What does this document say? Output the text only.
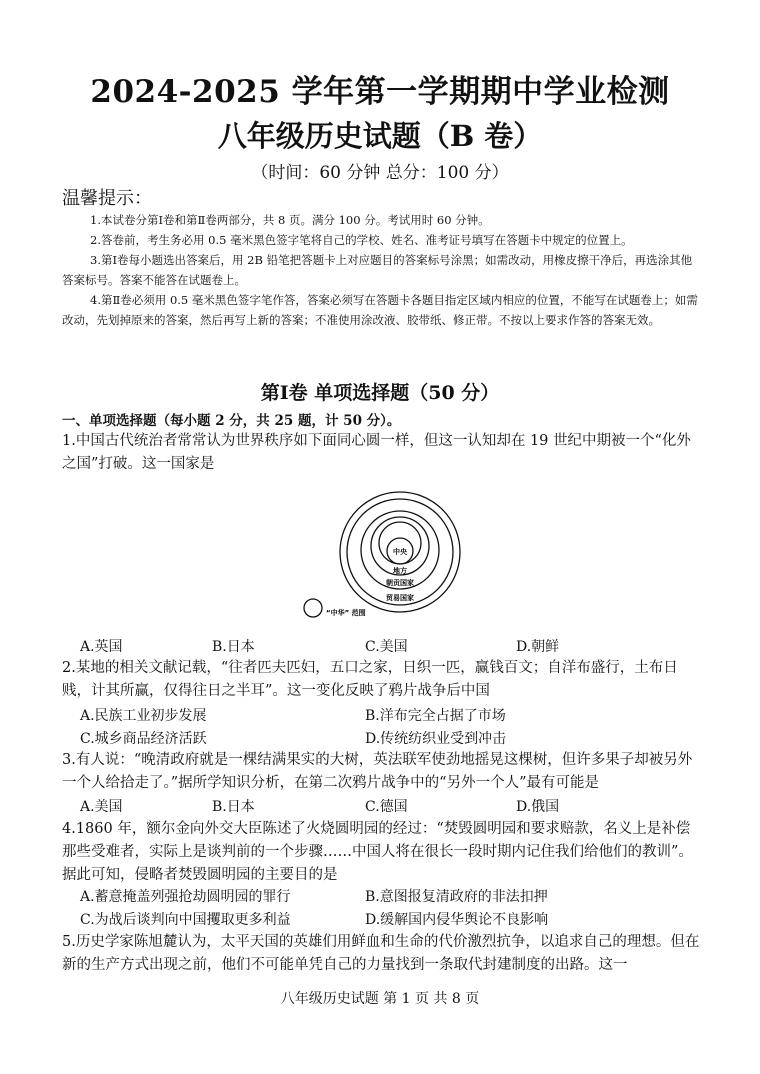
2024-2025 学年第一学期期中学业检测
八年级历史试题（B 卷）
（时间：60 分钟 总分：100 分）
温馨提示：
1.本试卷分第Ⅰ卷和第Ⅱ卷两部分，共 8 页。满分 100 分。考试用时 60 分钟。
2.答卷前，考生务必用 0.5 毫米黑色签字笔将自己的学校、姓名、准考证号填写在答题卡中规定的位置上。
3.第Ⅰ卷每小题选出答案后，用 2B 铅笔把答题卡上对应题目的答案标号涂黑；如需改动，用橡皮擦干净后，再选涂其他答案标号。答案不能答在试题卷上。
4.第Ⅱ卷必须用 0.5 毫米黑色签字笔作答，答案必须写在答题卡各题目指定区域内相应的位置，不能写在试题卷上；如需改动，先划掉原来的答案，然后再写上新的答案；不准使用涂改液、胶带纸、修正带。不按以上要求作答的答案无效。
第Ⅰ卷 单项选择题（50 分）
一、单项选择题（每小题 2 分，共 25 题，计 50 分）。
1.中国古代统治者常常认为世界秩序如下面同心圆一样，但这一认知却在 19 世纪中期被一个“化外之国”打破。这一国家是
中央
地方
朝贡国家
贸易国家
“中华” 范围
A.英国	B.日本	C.美国	D.朝鲜
2.某地的相关文献记载，“往者匹夫匹妇，五口之家，日织一匹，赢钱百文；自洋布盛行，土布日贱，计其所赢，仅得往日之半耳”。这一变化反映了鸦片战争后中国
A.民族工业初步发展	B.洋布完全占据了市场
C.城乡商品经济活跃	D.传统纺织业受到冲击
3.有人说：“晚清政府就是一棵结满果实的大树，英法联军使劲地摇晃这棵树，但许多果子却被另外一个人给拾走了。”据所学知识分析，在第二次鸦片战争中的“另外一个人”最有可能是
A.美国	B.日本	C.德国	D.俄国
4.1860 年，额尔金向外交大臣陈述了火烧圆明园的经过：“焚毁圆明园和要求赔款，名义上是补偿那些受难者，实际上是谈判前的一个步骤……中国人将在很长一段时期内记住我们给他们的教训”。据此可知，侵略者焚毁圆明园的主要目的是
A.蓄意掩盖列强抢劫圆明园的罪行	B.意图报复清政府的非法扣押
C.为战后谈判向中国攫取更多利益	D.缓解国内侵华舆论不良影响
5.历史学家陈旭麓认为，太平天国的英雄们用鲜血和生命的代价激烈抗争，以追求自己的理想。但在新的生产方式出现之前，他们不可能单凭自己的力量找到一条取代封建制度的出路。这一
八年级历史试题 第 1 页 共 8 页
